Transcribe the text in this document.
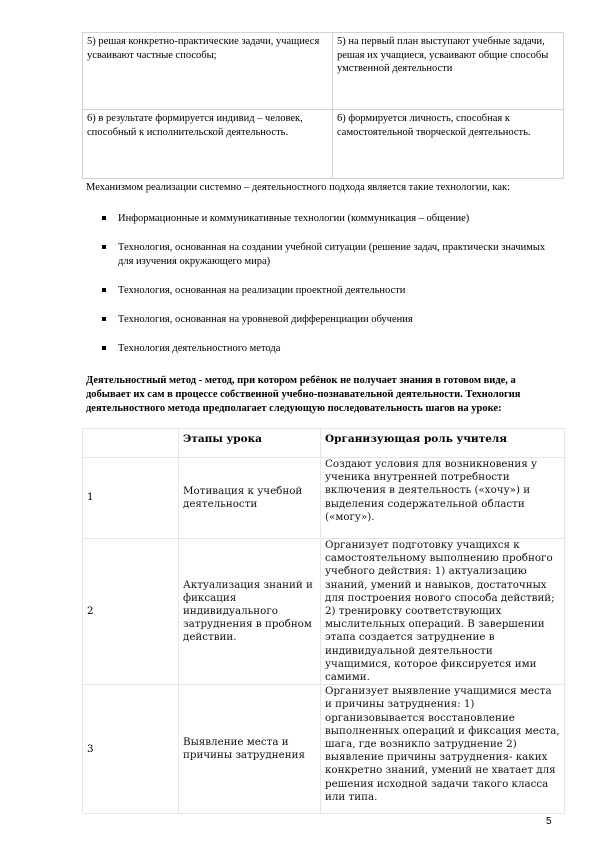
5) решая конкретно-практические задачи, учащиеся усваивают частные способы;	5) на первый план выступают учебные задачи, решая их учащиеся, усваивают общие способы умственной деятельности
6) в результате формируется индивид – человек, способный к исполнительской деятельность.	6) формируется личность, способная к самостоятельной творческой деятельность.

Механизмом реализации системно – деятельностного подхода является такие технологии, как:

Информационные и коммуникативные технологии (коммуникация – общение)
Технология, основанная на создании учебной ситуации (решение задач, практически значимых для изучения окружающего мира)
Технология, основанная на реализации проектной деятельности
Технология, основанная на уровневой дифференциации обучения
Технология деятельностного метода

Деятельностный метод - метод, при котором ребёнок не получает знания в готовом виде, а добывает их сам в процессе собственной учебно-познавательной деятельности. Технология деятельностного метода предполагает следующую последовательность шагов на уроке:

	Этапы урока	Организующая роль учителя
1	Мотивация к учебной деятельности	Создают условия для возникновения у ученика внутренней потребности включения в деятельность («хочу») и выделения содержательной области («могу»).
2	Актуализация знаний и фиксация индивидуального затруднения в пробном действии.	Организует подготовку учащихся к самостоятельному выполнению пробного учебного действия: 1) актуализацию знаний, умений и навыков, достаточных для построения нового способа действий; 2) тренировку соответствующих мыслительных операций. В завершении этапа создается затруднение в индивидуальной деятельности учащимися, которое фиксируется ими самими.
3	Выявление места и причины затруднения	Организует выявление учащимися места и причины затруднения: 1) организовывается восстановление выполненных операций и фиксация места, шага, где возникло затруднение 2) выявление причины затруднения- каких конкретно знаний, умений не хватает для решения исходной задачи такого класса или типа.
5
